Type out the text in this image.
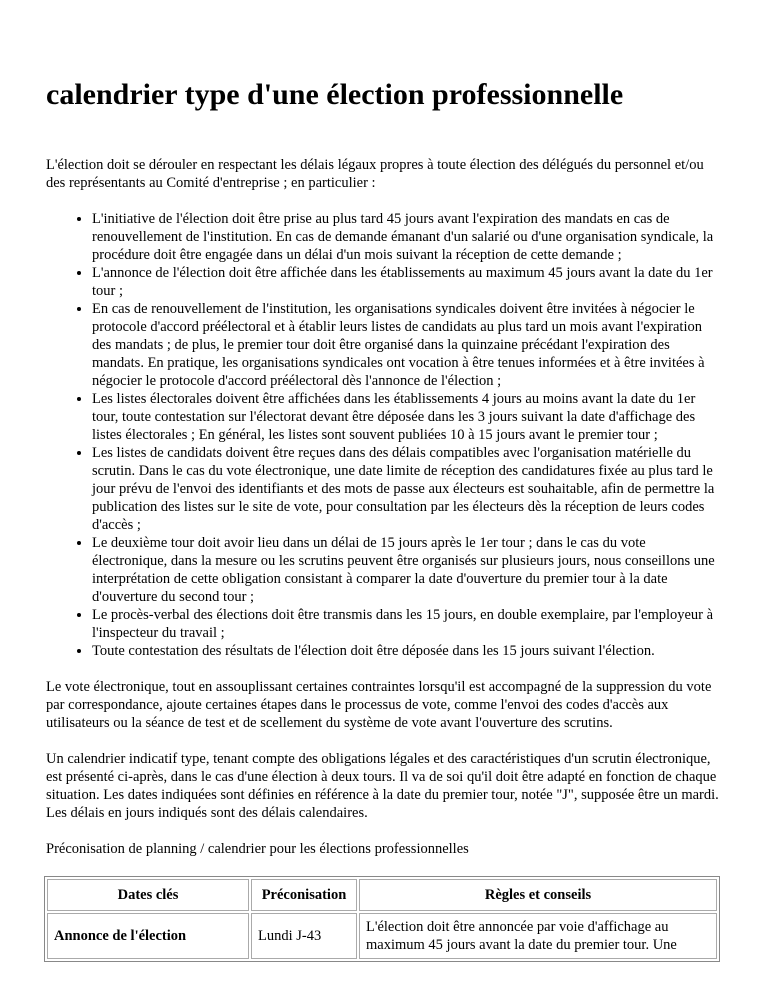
calendrier type d'une élection professionnelle

L'élection doit se dérouler en respectant les délais légaux propres à toute élection des délégués du personnel et/ou des représentants au Comité d'entreprise ; en particulier :

• L'initiative de l'élection doit être prise au plus tard 45 jours avant l'expiration des mandats en cas de renouvellement de l'institution. En cas de demande émanant d'un salarié ou d'une organisation syndicale, la procédure doit être engagée dans un délai d'un mois suivant la réception de cette demande ;
• L'annonce de l'élection doit être affichée dans les établissements au maximum 45 jours avant la date du 1er tour ;
• En cas de renouvellement de l'institution, les organisations syndicales doivent être invitées à négocier le protocole d'accord préélectoral et à établir leurs listes de candidats au plus tard un mois avant l'expiration des mandats ; de plus, le premier tour doit être organisé dans la quinzaine précédant l'expiration des mandats. En pratique, les organisations syndicales ont vocation à être tenues informées et à être invitées à négocier le protocole d'accord préélectoral dès l'annonce de l'élection ;
• Les listes électorales doivent être affichées dans les établissements 4 jours au moins avant la date du 1er tour, toute contestation sur l'électorat devant être déposée dans les 3 jours suivant la date d'affichage des listes électorales ; En général, les listes sont souvent publiées 10 à 15 jours avant le premier tour ;
• Les listes de candidats doivent être reçues dans des délais compatibles avec l'organisation matérielle du scrutin. Dans le cas du vote électronique, une date limite de réception des candidatures fixée au plus tard le jour prévu de l'envoi des identifiants et des mots de passe aux électeurs est souhaitable, afin de permettre la publication des listes sur le site de vote, pour consultation par les électeurs dès la réception de leurs codes d'accès ;
• Le deuxième tour doit avoir lieu dans un délai de 15 jours après le 1er tour ; dans le cas du vote électronique, dans la mesure ou les scrutins peuvent être organisés sur plusieurs jours, nous conseillons une interprétation de cette obligation consistant à comparer la date d'ouverture du premier tour à la date d'ouverture du second tour ;
• Le procès-verbal des élections doit être transmis dans les 15 jours, en double exemplaire, par l'employeur à l'inspecteur du travail ;
• Toute contestation des résultats de l'élection doit être déposée dans les 15 jours suivant l'élection.

Le vote électronique, tout en assouplissant certaines contraintes lorsqu'il est accompagné de la suppression du vote par correspondance, ajoute certaines étapes dans le processus de vote, comme l'envoi des codes d'accès aux utilisateurs ou la séance de test et de scellement du système de vote avant l'ouverture des scrutins.

Un calendrier indicatif type, tenant compte des obligations légales et des caractéristiques d'un scrutin électronique, est présenté ci-après, dans le cas d'une élection à deux tours. Il va de soi qu'il doit être adapté en fonction de chaque situation. Les dates indiquées sont définies en référence à la date du premier tour, notée "J", supposée être un mardi. Les délais en jours indiqués sont des délais calendaires.

Préconisation de planning / calendrier pour les élections professionnelles

Dates clés	Préconisation	Règles et conseils
Annonce de l'élection	Lundi J-43	L'élection doit être annoncée par voie d'affichage au maximum 45 jours avant la date du premier tour. Une
